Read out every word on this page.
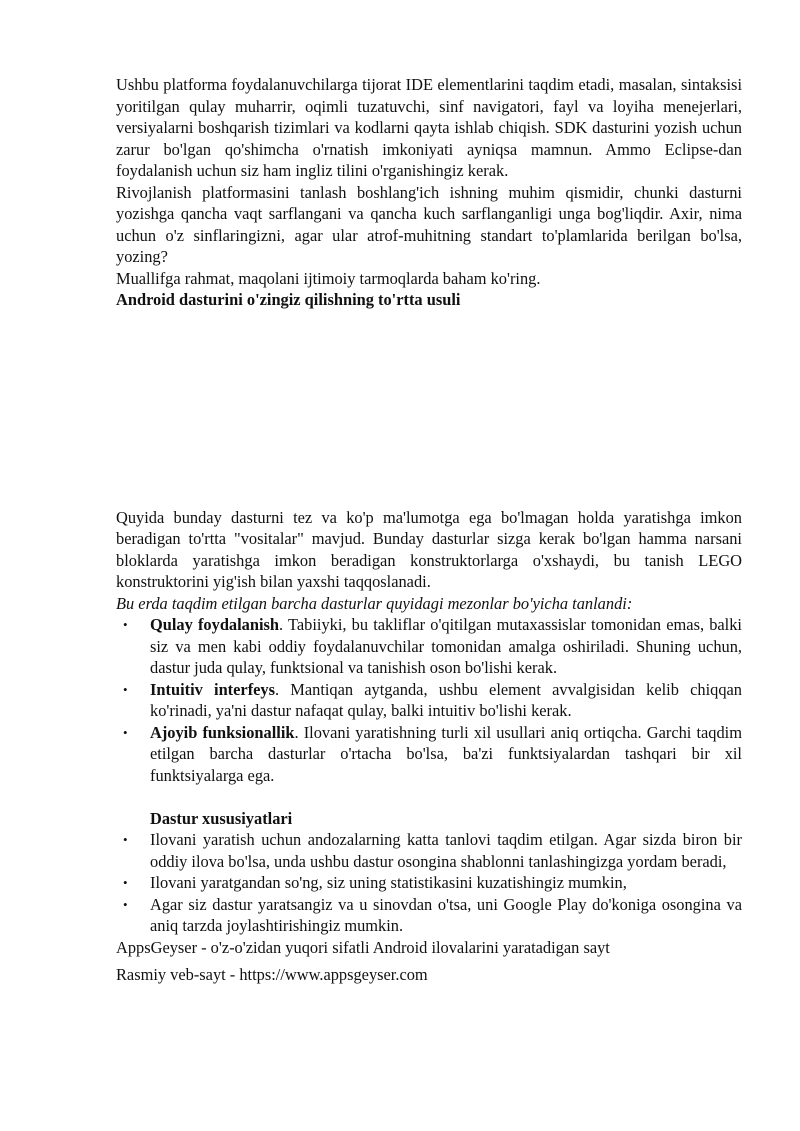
Ushbu platforma foydalanuvchilarga tijorat IDE elementlarini taqdim etadi, masalan, sintaksisi yoritilgan qulay muharrir, oqimli tuzatuvchi, sinf navigatori, fayl va loyiha menejerlari, versiyalarni boshqarish tizimlari va kodlarni qayta ishlab chiqish. SDK dasturini yozish uchun zarur bo'lgan qo'shimcha o'rnatish imkoniyati ayniqsa mamnun. Ammo Eclipse-dan foydalanish uchun siz ham ingliz tilini o'rganishingiz kerak.

Rivojlanish platformasini tanlash boshlang'ich ishning muhim qismidir, chunki dasturni yozishga qancha vaqt sarflangani va qancha kuch sarflanganligi unga bog'liqdir. Axir, nima uchun o'z sinflaringizni, agar ular atrof-muhitning standart to'plamlarida berilgan bo'lsa, yozing?

Muallifga rahmat, maqolani ijtimoiy tarmoqlarda baham ko'ring.

Android dasturini o'zingiz qilishning to'rtta usuli

Quyida bunday dasturni tez va ko'p ma'lumotga ega bo'lmagan holda yaratishga imkon beradigan to'rtta "vositalar" mavjud. Bunday dasturlar sizga kerak bo'lgan hamma narsani bloklarda yaratishga imkon beradigan konstruktorlarga o'xshaydi, bu tanish LEGO konstruktorini yig'ish bilan yaxshi taqqoslanadi.

Bu erda taqdim etilgan barcha dasturlar quyidagi mezonlar bo'yicha tanlandi:

• Qulay foydalanish. Tabiiyki, bu takliflar o'qitilgan mutaxassislar tomonidan emas, balki siz va men kabi oddiy foydalanuvchilar tomonidan amalga oshiriladi. Shuning uchun, dastur juda qulay, funktsional va tanishish oson bo'lishi kerak.
• Intuitiv interfeys. Mantiqan aytganda, ushbu element avvalgisidan kelib chiqqan ko'rinadi, ya'ni dastur nafaqat qulay, balki intuitiv bo'lishi kerak.
• Ajoyib funksionallik. Ilovani yaratishning turli xil usullari aniq ortiqcha. Garchi taqdim etilgan barcha dasturlar o'rtacha bo'lsa, ba'zi funktsiyalardan tashqari bir xil funktsiyalarga ega.

Dastur xususiyatlari

• Ilovani yaratish uchun andozalarning katta tanlovi taqdim etilgan. Agar sizda biron bir oddiy ilova bo'lsa, unda ushbu dastur osongina shablonni tanlashingizga yordam beradi,
• Ilovani yaratgandan so'ng, siz uning statistikasini kuzatishingiz mumkin,
• Agar siz dastur yaratsangiz va u sinovdan o'tsa, uni Google Play do'koniga osongina va aniq tarzda joylashtirishingiz mumkin.

AppsGeyser - o'z-o'zidan yuqori sifatli Android ilovalarini yaratadigan sayt

Rasmiy veb-sayt - https://www.appsgeyser.com
